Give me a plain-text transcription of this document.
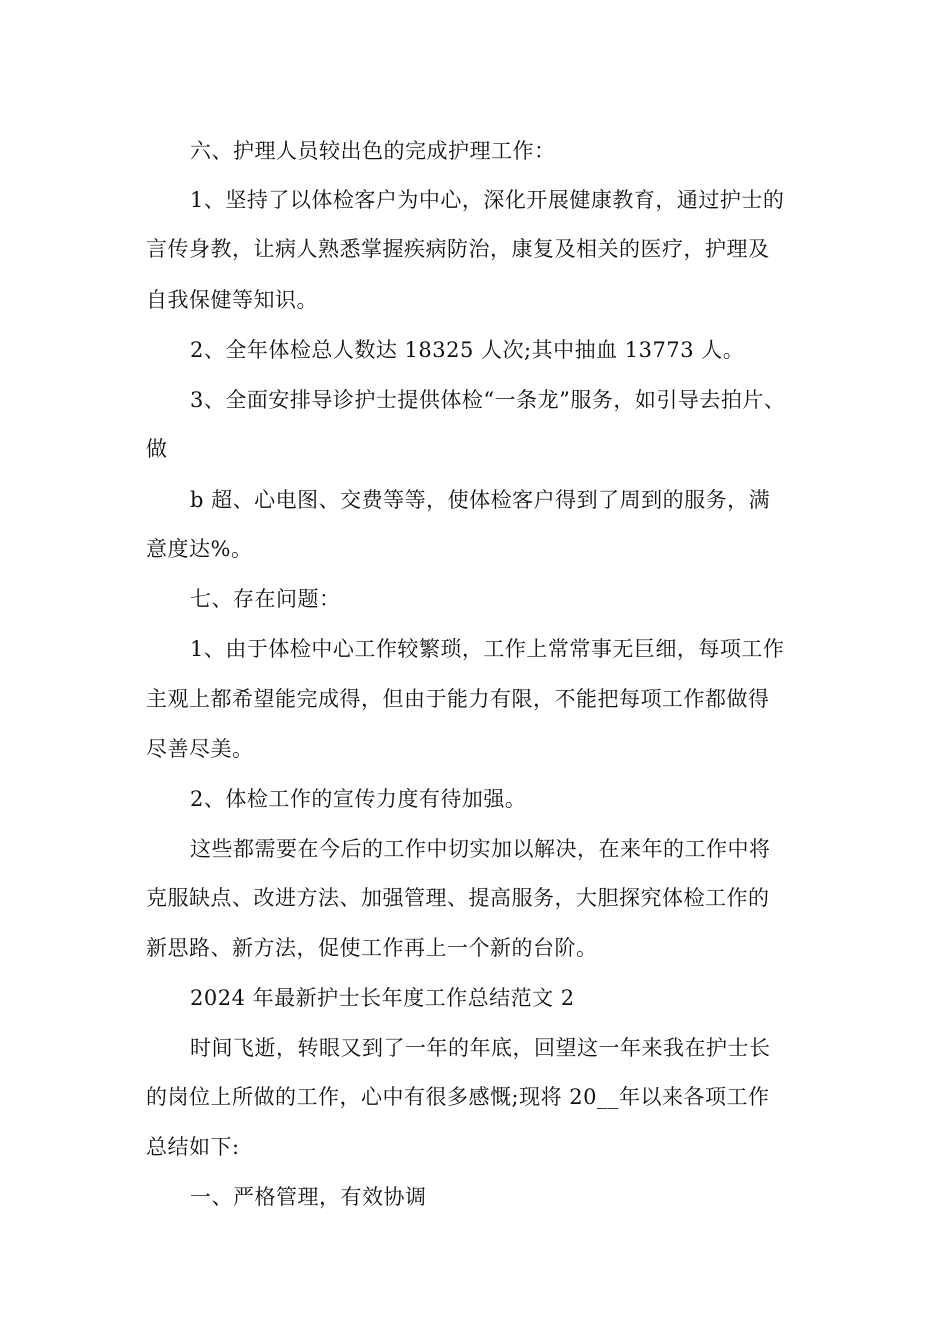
六、护理人员较出色的完成护理工作：
1、坚持了以体检客户为中心，深化开展健康教育，通过护士的
言传身教，让病人熟悉掌握疾病防治，康复及相关的医疗，护理及
自我保健等知识。
2、全年体检总人数达 18325 人次;其中抽血 13773 人。
3、全面安排导诊护士提供体检“一条龙”服务，如引导去拍片、
做
b 超、心电图、交费等等，使体检客户得到了周到的服务，满
意度达%。
七、存在问题：
1、由于体检中心工作较繁琐，工作上常常事无巨细，每项工作
主观上都希望能完成得，但由于能力有限，不能把每项工作都做得
尽善尽美。
2、体检工作的宣传力度有待加强。
这些都需要在今后的工作中切实加以解决，在来年的工作中将
克服缺点、改进方法、加强管理、提高服务，大胆探究体检工作的
新思路、新方法，促使工作再上一个新的台阶。
2024 年最新护士长年度工作总结范文 2
时间飞逝，转眼又到了一年的年底，回望这一年来我在护士长
的岗位上所做的工作，心中有很多感慨;现将 20__年以来各项工作
总结如下:
一、严格管理，有效协调
